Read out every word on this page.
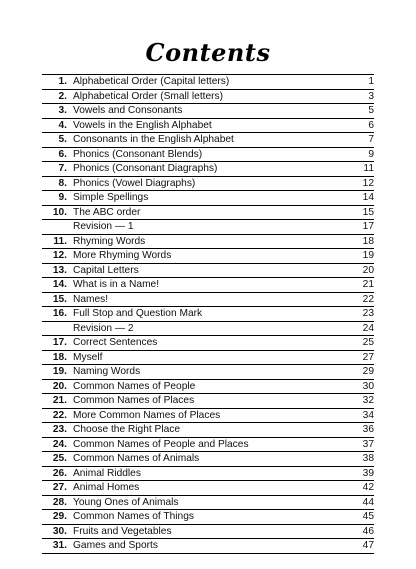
Contents
1. Alphabetical Order (Capital letters)	1
2. Alphabetical Order (Small letters)	3
3. Vowels and Consonants	5
4. Vowels in the English Alphabet	6
5. Consonants in the English Alphabet	7
6. Phonics (Consonant Blends)	9
7. Phonics (Consonant Diagraphs)	11
8. Phonics (Vowel Diagraphs)	12
9. Simple Spellings	14
10. The ABC order	15
Revision — 1	17
11. Rhyming Words	18
12. More Rhyming Words	19
13. Capital Letters	20
14. What is in a Name!	21
15. Names!	22
16. Full Stop and Question Mark	23
Revision — 2	24
17. Correct Sentences	25
18. Myself	27
19. Naming Words	29
20. Common Names of People	30
21. Common Names of Places	32
22. More Common Names of Places	34
23. Choose the Right Place	36
24. Common Names of People and Places	37
25. Common Names of Animals	38
26. Animal Riddles	39
27. Animal Homes	42
28. Young Ones of Animals	44
29. Common Names of Things	45
30. Fruits and Vegetables	46
31. Games and Sports	47
